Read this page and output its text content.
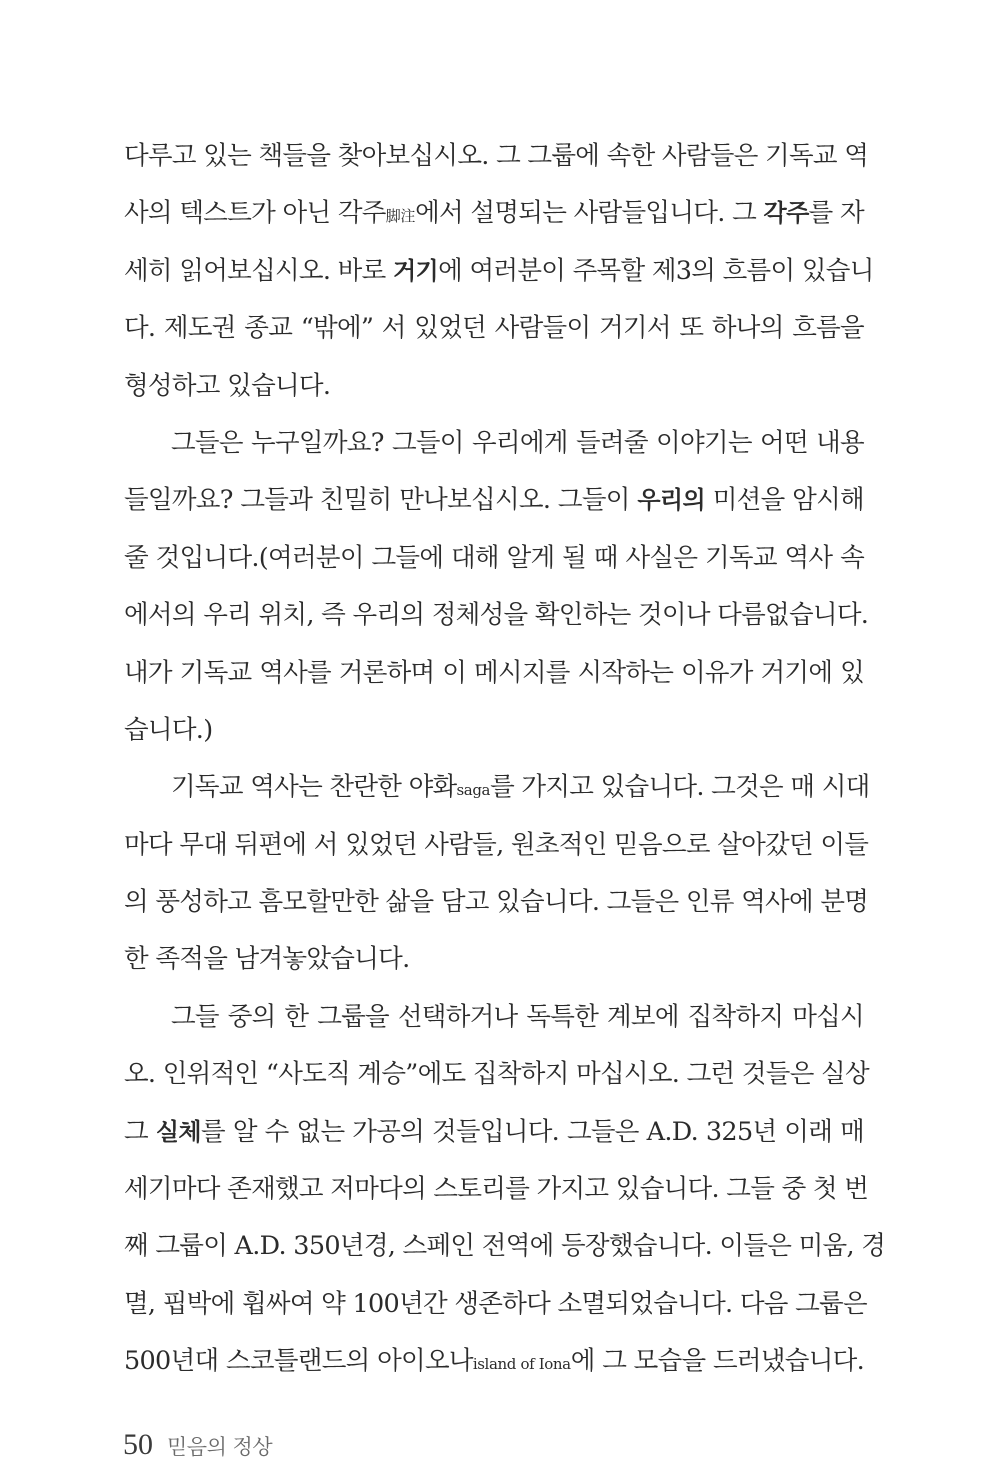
다루고 있는 책들을 찾아보십시오. 그 그룹에 속한 사람들은 기독교 역
사의 텍스트가 아닌 각주脚注에서 설명되는 사람들입니다. 그 각주를 자
세히 읽어보십시오. 바로 거기에 여러분이 주목할 제3의 흐름이 있습니
다. 제도권 종교 “밖에” 서 있었던 사람들이 거기서 또 하나의 흐름을
형성하고 있습니다.
그들은 누구일까요? 그들이 우리에게 들려줄 이야기는 어떤 내용
들일까요? 그들과 친밀히 만나보십시오. 그들이 우리의 미션을 암시해
줄 것입니다.(여러분이 그들에 대해 알게 될 때 사실은 기독교 역사 속
에서의 우리 위치, 즉 우리의 정체성을 확인하는 것이나 다름없습니다.
내가 기독교 역사를 거론하며 이 메시지를 시작하는 이유가 거기에 있
습니다.)
기독교 역사는 찬란한 야화saga를 가지고 있습니다. 그것은 매 시대
마다 무대 뒤편에 서 있었던 사람들, 원초적인 믿음으로 살아갔던 이들
의 풍성하고 흠모할만한 삶을 담고 있습니다. 그들은 인류 역사에 분명
한 족적을 남겨놓았습니다.
그들 중의 한 그룹을 선택하거나 독특한 계보에 집착하지 마십시
오. 인위적인 “사도직 계승”에도 집착하지 마십시오. 그런 것들은 실상
그 실체를 알 수 없는 가공의 것들입니다. 그들은 A.D. 325년 이래 매
세기마다 존재했고 저마다의 스토리를 가지고 있습니다. 그들 중 첫 번
째 그룹이 A.D. 350년경, 스페인 전역에 등장했습니다. 이들은 미움, 경
멸, 핍박에 휩싸여 약 100년간 생존하다 소멸되었습니다. 다음 그룹은
500년대 스코틀랜드의 아이오나island of Iona에 그 모습을 드러냈습니다.
50 믿음의 정상
